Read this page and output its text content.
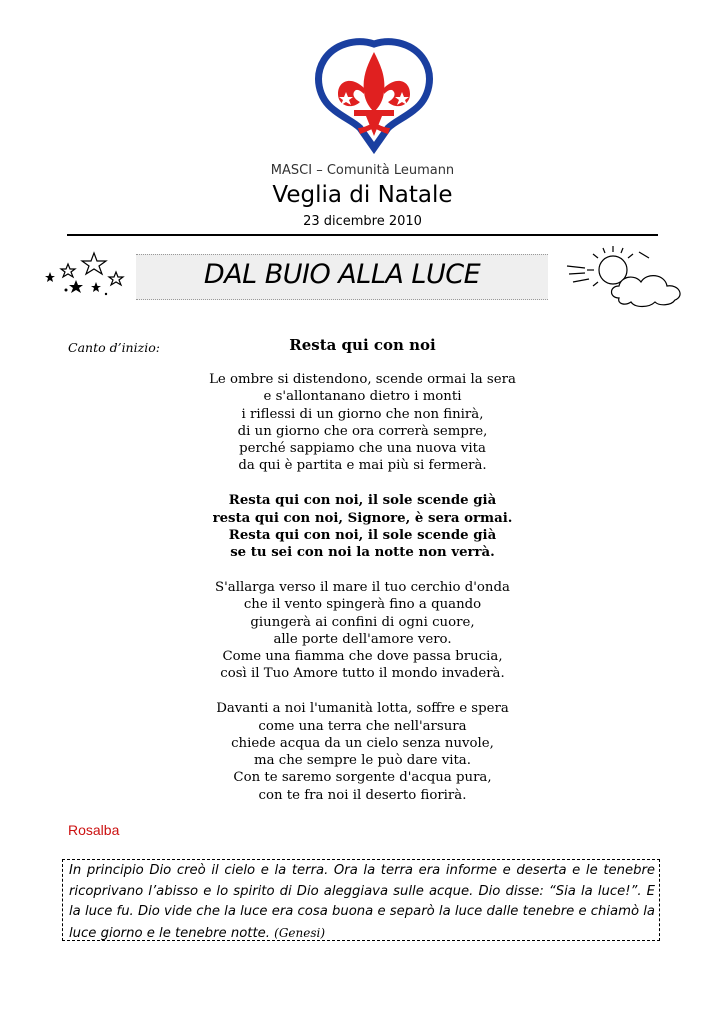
MASCI – Comunità Leumann
Veglia di Natale
23 dicembre 2010
DAL BUIO ALLA LUCE
Canto d’inizio:	Resta qui con noi
Le ombre si distendono, scende ormai la sera
e s'allontanano dietro i monti
i riflessi di un giorno che non finirà,
di un giorno che ora correrà sempre,
perché sappiamo che una nuova vita
da qui è partita e mai più si fermerà.
Resta qui con noi, il sole scende già
resta qui con noi, Signore, è sera ormai.
Resta qui con noi, il sole scende già
se tu sei con noi la notte non verrà.
S'allarga verso il mare il tuo cerchio d'onda
che il vento spingerà fino a quando
giungerà ai confini di ogni cuore,
alle porte dell'amore vero.
Come una fiamma che dove passa brucia,
così il Tuo Amore tutto il mondo invaderà.
Davanti a noi l'umanità lotta, soffre e spera
come una terra che nell'arsura
chiede acqua da un cielo senza nuvole,
ma che sempre le può dare vita.
Con te saremo sorgente d'acqua pura,
con te fra noi il deserto fiorirà.
Rosalba
In principio Dio creò il cielo e la terra. Ora la terra era informe e deserta e le tenebre ricoprivano l’abisso e lo spirito di Dio aleggiava sulle acque. Dio disse: “Sia la luce!”. E la luce fu. Dio vide che la luce era cosa buona e separò la luce dalle tenebre e chiamò la luce giorno e le tenebre notte. (Genesi)
